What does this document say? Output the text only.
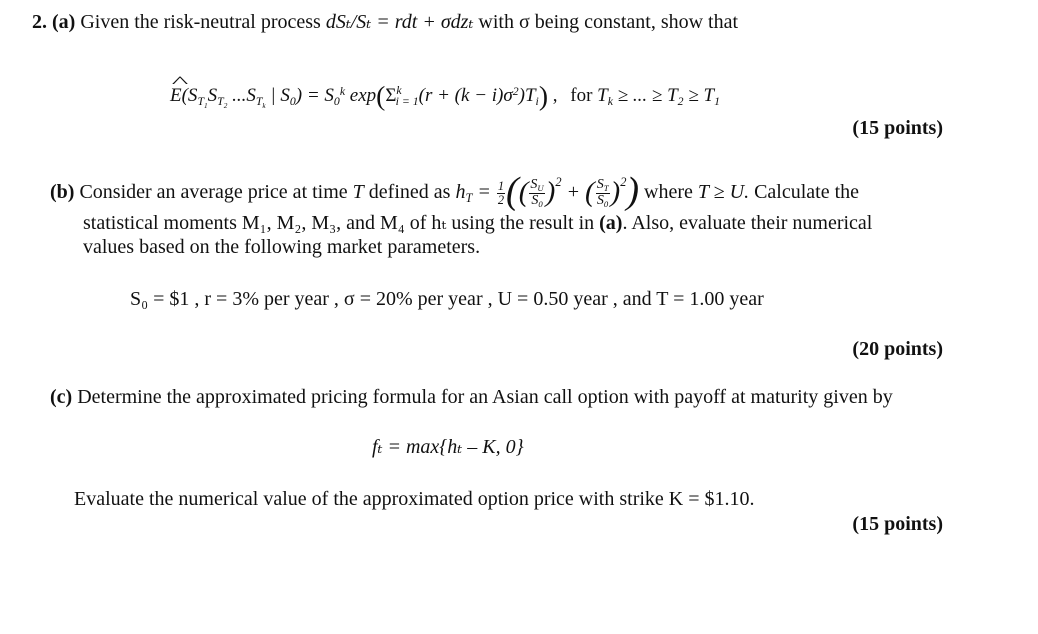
2. (a) Given the risk-neutral process dSₜ/Sₜ = rdt + σdzₜ with σ being constant, show that
^ $E(S_{T_1}S_{T_2}$ $...S_{T_k}$ | $S_0) = S_0^k$ $\exp(\Sigma^k_{i = 1}(r + (k - i)\sigma^2)T_i)$ , for $T_k$ ≥ ... ≥ $T_2 \ge T_1$
(15 points)
(b) Consider an average price at time T defined as $h_T = \frac{1}{2}$ (( $\frac{S_U}{S_0} )^2$ + ( $\frac{S_T}{S_0} )^2$) where T ≥ U. Calculate the
statistical moments M₁, M₂, M₃, and M₄ of hₜ using the result in (a). Also, evaluate their numerical
values based on the following market parameters.
S₀ = $1 , r = 3% per year , σ = 20% per year , U = 0.50 year , and T = 1.00 year
(20 points)
(c) Determine the approximated pricing formula for an Asian call option with payoff at maturity given by
fₜ = max{hₜ – K, 0}
Evaluate the numerical value of the approximated option price with strike K = $1.10.
(15 points)
